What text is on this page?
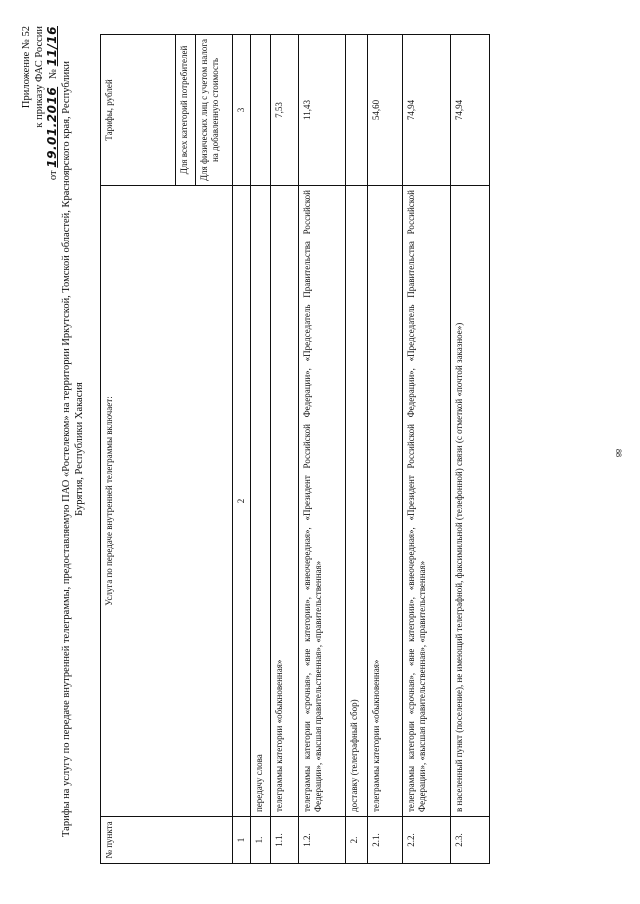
88
Приложение № 52 к приказу ФАС России
от 19.01.2016   № 11/16
Тарифы на услугу по передаче внутренней телеграммы, предоставляемую ПАО «Ростелеком» на территории Иркутской, Томской областей, Красноярского края, Республики Бурятия, Республики Хакасия
№ пункта	Услуга по передаче внутренней телеграммы включает:	Тарифы, рублей
		Для всех категорий потребителей
		Для физических лиц с учетом налога на добавленную стоимость
1	2	3
1.	передачу слова	
1.1.	телеграммы категории «обыкновенная»	7,53
1.2.	телеграммы категории «срочная», «вне категории», «внеочередная», «Президент Российской Федерации», «Председатель Правительства Российской Федерации», «высшая правительственная», «правительственная»	11,43
2.	доставку (телеграфный сбор)	
2.1.	телеграммы категории «обыкновенная»	54,60
2.2.	телеграммы категории «срочная», «вне категории», «внеочередная», «Президент Российской Федерации», «Председатель Правительства Российской Федерации», «высшая правительственная», «правительственная»	74,94
2.3.	в населенный пункт (поселение), не имеющий телеграфной, факсимильной (телефонной) связи (с отметкой «почтой заказное»)	74,94
